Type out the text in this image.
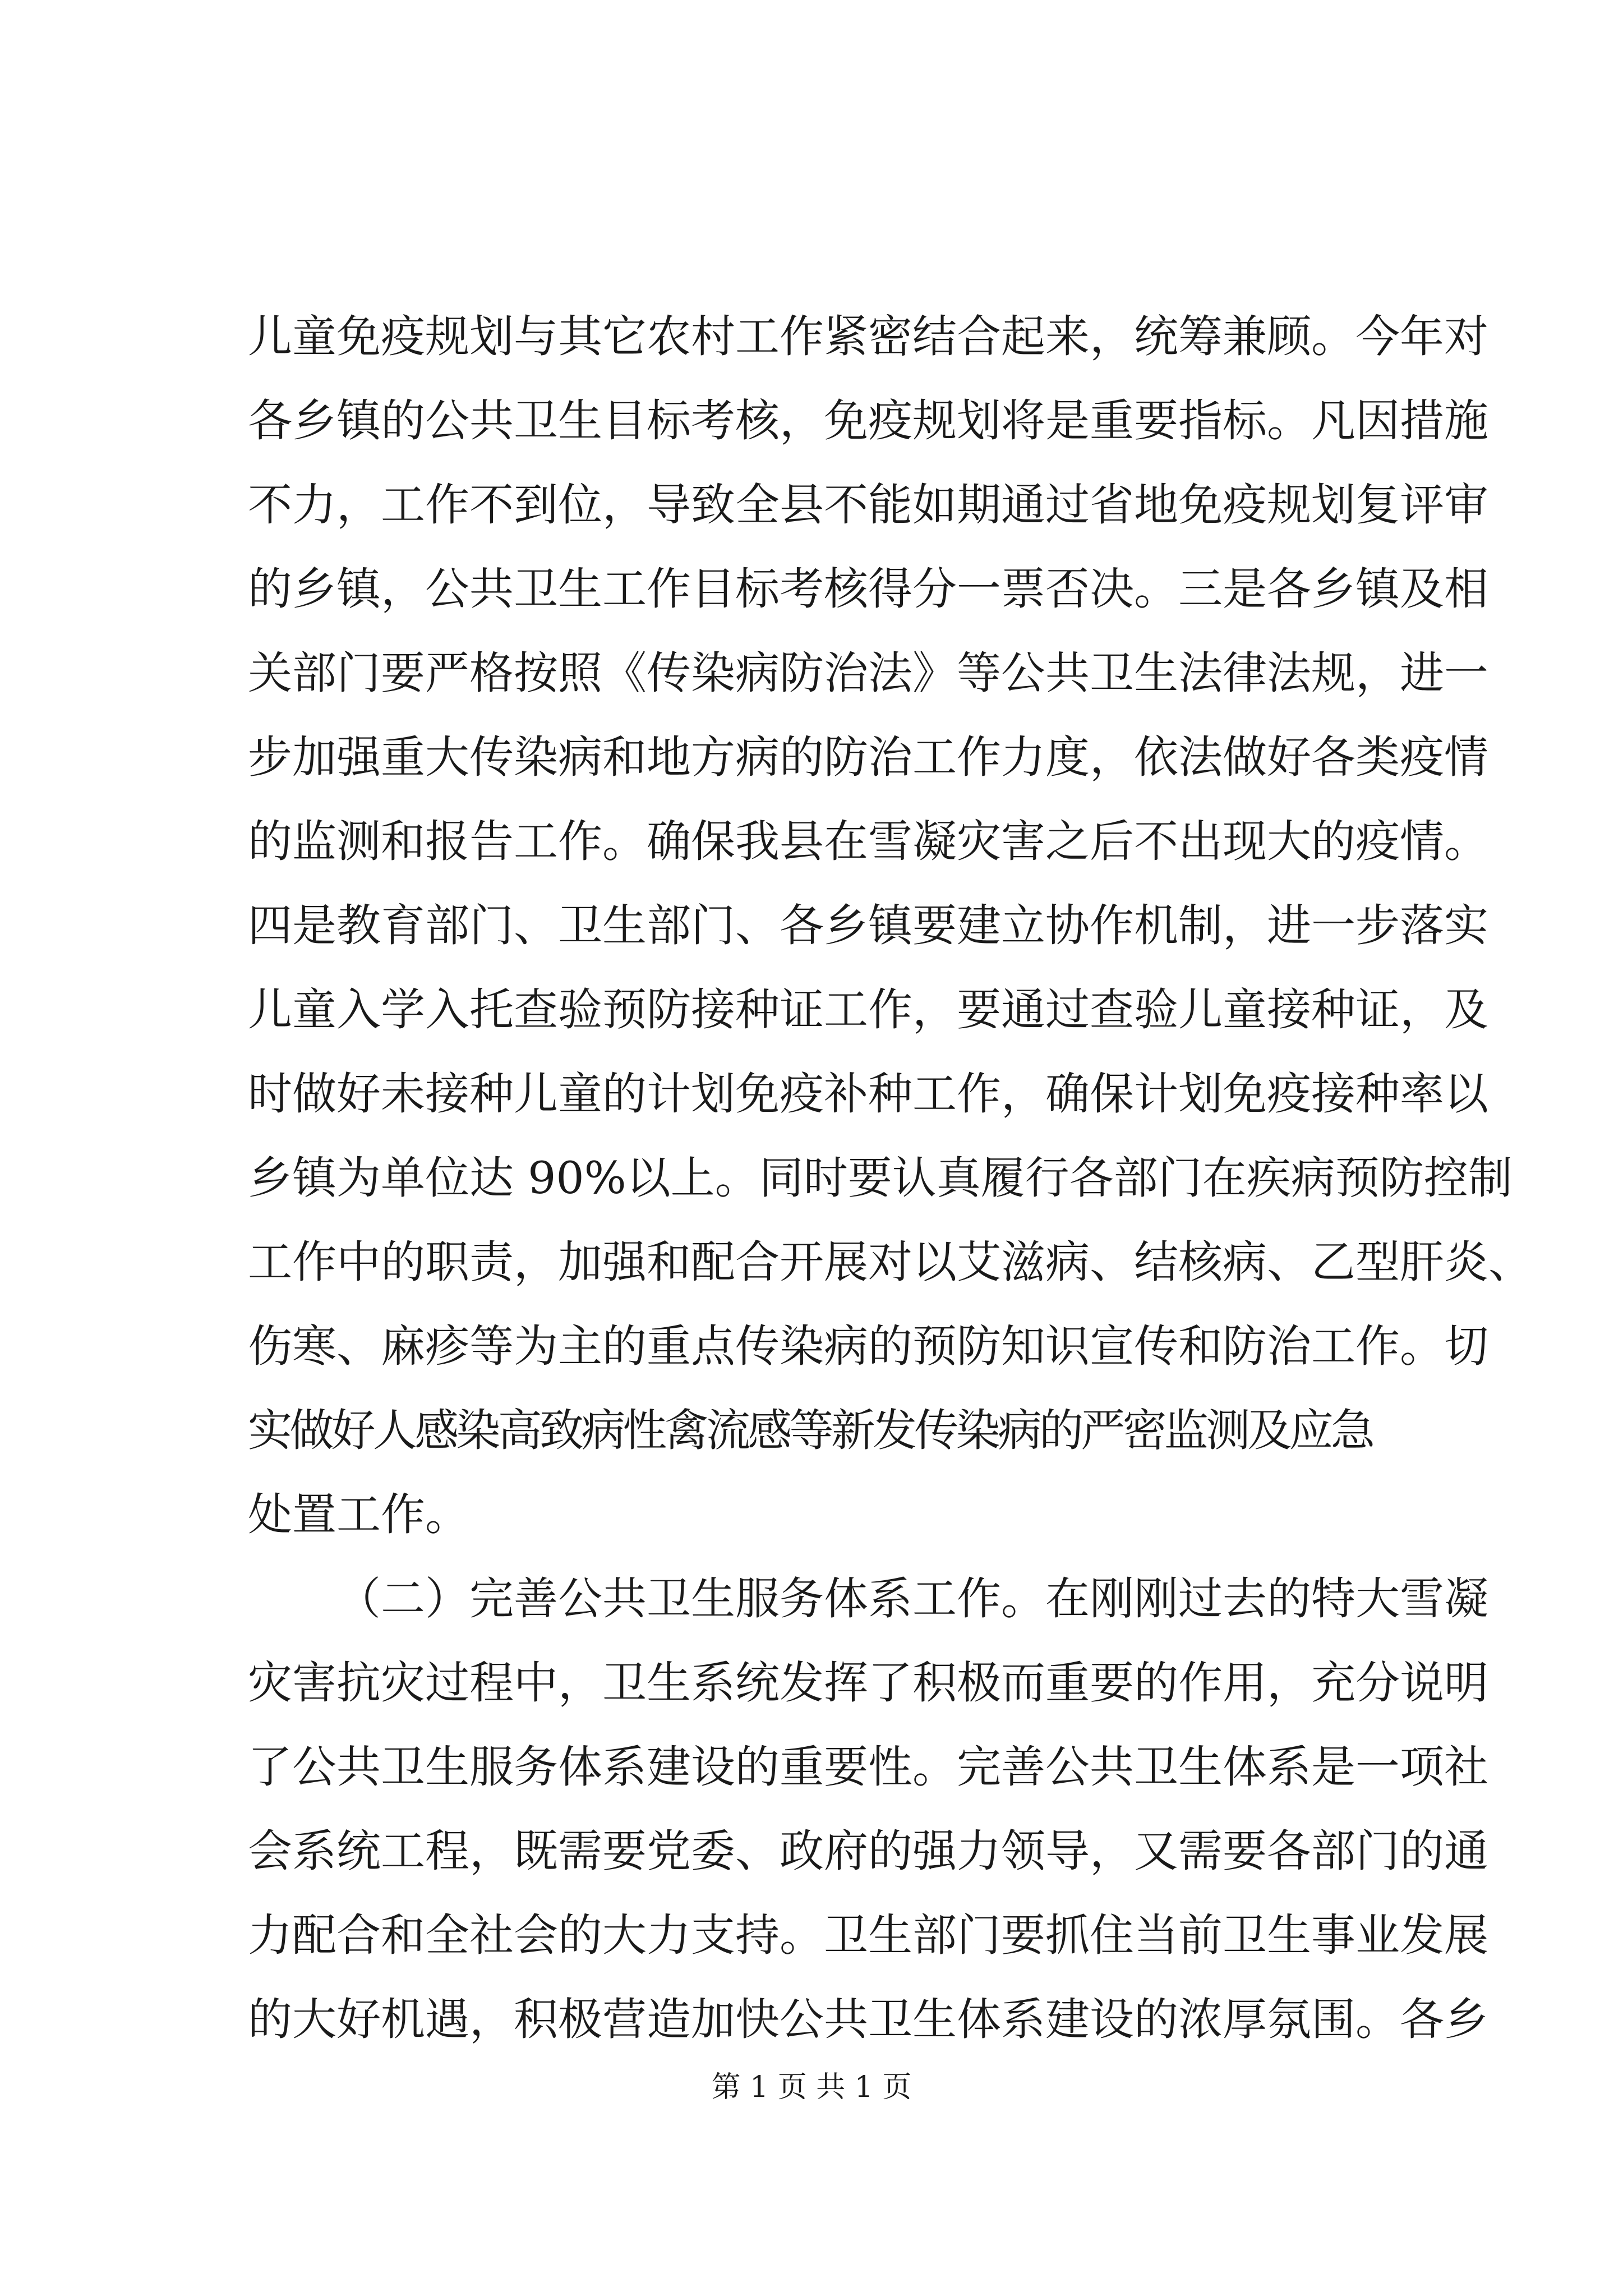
儿童免疫规划与其它农村工作紧密结合起来，统筹兼顾。今年对
各乡镇的公共卫生目标考核，免疫规划将是重要指标。凡因措施
不力，工作不到位，导致全县不能如期通过省地免疫规划复评审
的乡镇，公共卫生工作目标考核得分一票否决。三是各乡镇及相
关部门要严格按照《传染病防治法》等公共卫生法律法规，进一
步加强重大传染病和地方病的防治工作力度，依法做好各类疫情
的监测和报告工作。确保我县在雪凝灾害之后不出现大的疫情。
四是教育部门、卫生部门、各乡镇要建立协作机制，进一步落实
儿童入学入托查验预防接种证工作，要通过查验儿童接种证，及
时做好未接种儿童的计划免疫补种工作，确保计划免疫接种率以
乡镇为单位达 90%以上。同时要认真履行各部门在疾病预防控制
工作中的职责，加强和配合开展对以艾滋病、结核病、乙型肝炎、
伤寒、麻疹等为主的重点传染病的预防知识宣传和防治工作。切
实做好人感染高致病性禽流感等新发传染病的严密监测及应急
处置工作。
（二）完善公共卫生服务体系工作。在刚刚过去的特大雪凝
灾害抗灾过程中，卫生系统发挥了积极而重要的作用，充分说明
了公共卫生服务体系建设的重要性。完善公共卫生体系是一项社
会系统工程，既需要党委、政府的强力领导，又需要各部门的通
力配合和全社会的大力支持。卫生部门要抓住当前卫生事业发展
的大好机遇，积极营造加快公共卫生体系建设的浓厚氛围。各乡
第 1 页 共 1 页
